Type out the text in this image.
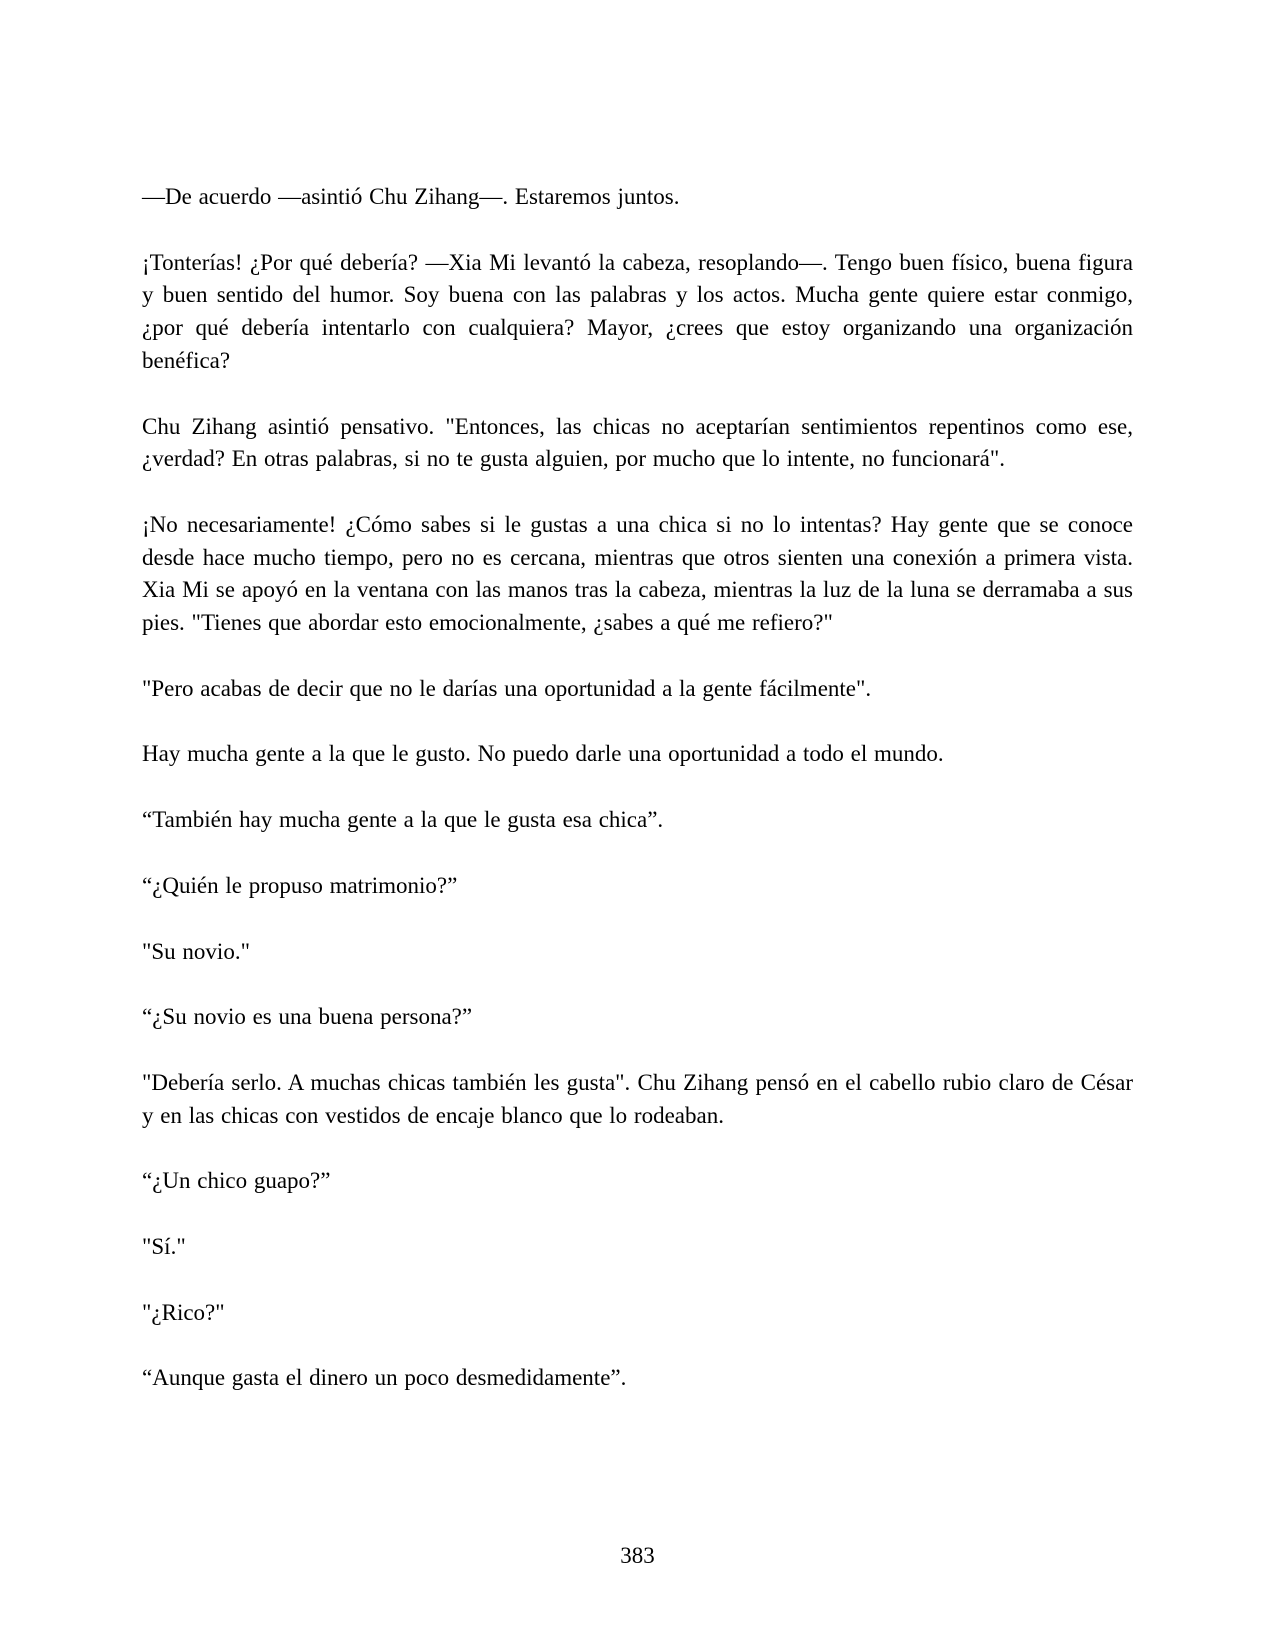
—De acuerdo —asintió Chu Zihang—. Estaremos juntos.

¡Tonterías! ¿Por qué debería? —Xia Mi levantó la cabeza, resoplando—. Tengo buen físico, buena figura y buen sentido del humor. Soy buena con las palabras y los actos. Mucha gente quiere estar conmigo, ¿por qué debería intentarlo con cualquiera? Mayor, ¿crees que estoy organizando una organización benéfica?

Chu Zihang asintió pensativo. "Entonces, las chicas no aceptarían sentimientos repentinos como ese, ¿verdad? En otras palabras, si no te gusta alguien, por mucho que lo intente, no funcionará".

¡No necesariamente! ¿Cómo sabes si le gustas a una chica si no lo intentas? Hay gente que se conoce desde hace mucho tiempo, pero no es cercana, mientras que otros sienten una conexión a primera vista. Xia Mi se apoyó en la ventana con las manos tras la cabeza, mientras la luz de la luna se derramaba a sus pies. "Tienes que abordar esto emocionalmente, ¿sabes a qué me refiero?"

"Pero acabas de decir que no le darías una oportunidad a la gente fácilmente".

Hay mucha gente a la que le gusto. No puedo darle una oportunidad a todo el mundo.

“También hay mucha gente a la que le gusta esa chica”.

“¿Quién le propuso matrimonio?”

"Su novio."

“¿Su novio es una buena persona?”

"Debería serlo. A muchas chicas también les gusta". Chu Zihang pensó en el cabello rubio claro de César y en las chicas con vestidos de encaje blanco que lo rodeaban.

“¿Un chico guapo?”

"Sí."

"¿Rico?"

“Aunque gasta el dinero un poco desmedidamente”.

383
